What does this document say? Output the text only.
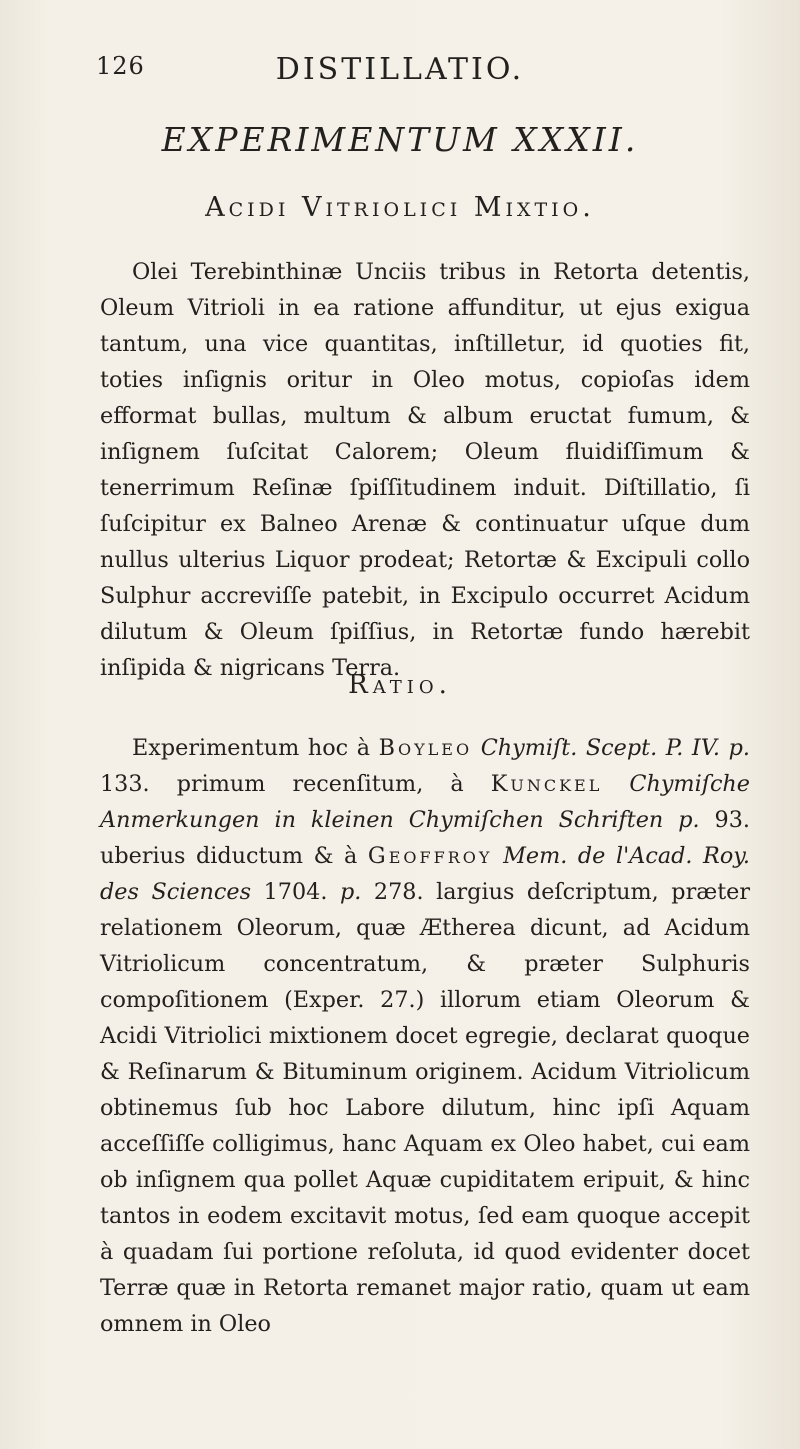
126	DISTILLATIO.
EXPERIMENTUM XXXII.
Acidi Vitriolici Mixtio.
Olei Terebinthinæ Unciis tribus in Retorta detentis, Oleum Vitrioli in ea ratione affunditur, ut ejus exigua tantum, una vice quantitas, inſtilletur, id quoties fit, toties inſignis oritur in Oleo motus, copioſas idem efformat bullas, multum & album eructat fumum, & inſignem ſuſcitat Calorem; Oleum fluidiſſimum & tenerrimum Reſinæ ſpiſſitudinem induit. Diſtillatio, ſi ſuſcipitur ex Balneo Arenæ & continuatur uſque dum nullus ulterius Liquor prodeat; Retortæ & Excipuli collo Sulphur accreviſſe patebit, in Excipulo occurret Acidum dilutum & Oleum ſpiſſius, in Retortæ fundo hærebit inſipida & nigricans Terra.
Ratio.
Experimentum hoc à Boyleo Chymiſt. Scept. P. IV. p. 133. primum recenſitum, à Kunckel Chymiſche Anmerkungen in kleinen Chymiſchen Schriften p. 93. uberius diductum & à Geoffroy Mem. de l'Acad. Roy. des Sciences 1704. p. 278. largius deſcriptum, præter relationem Oleorum, quæ Ætherea dicunt, ad Acidum Vitriolicum concentratum, & præter Sulphuris compoſitionem (Exper. 27.) illorum etiam Oleorum & Acidi Vitriolici mixtionem docet egregie, declarat quoque & Reſinarum & Bituminum originem. Acidum Vitriolicum obtinemus ſub hoc Labore dilutum, hinc ipſi Aquam acceſſiſſe colligimus, hanc Aquam ex Oleo habet, cui eam ob inſignem qua pollet Aquæ cupiditatem eripuit, & hinc tantos in eodem excitavit motus, ſed eam quoque accepit à quadam ſui portione reſoluta, id quod evidenter docet Terræ quæ in Retorta remanet major ratio, quam ut eam omnem in Oleo
